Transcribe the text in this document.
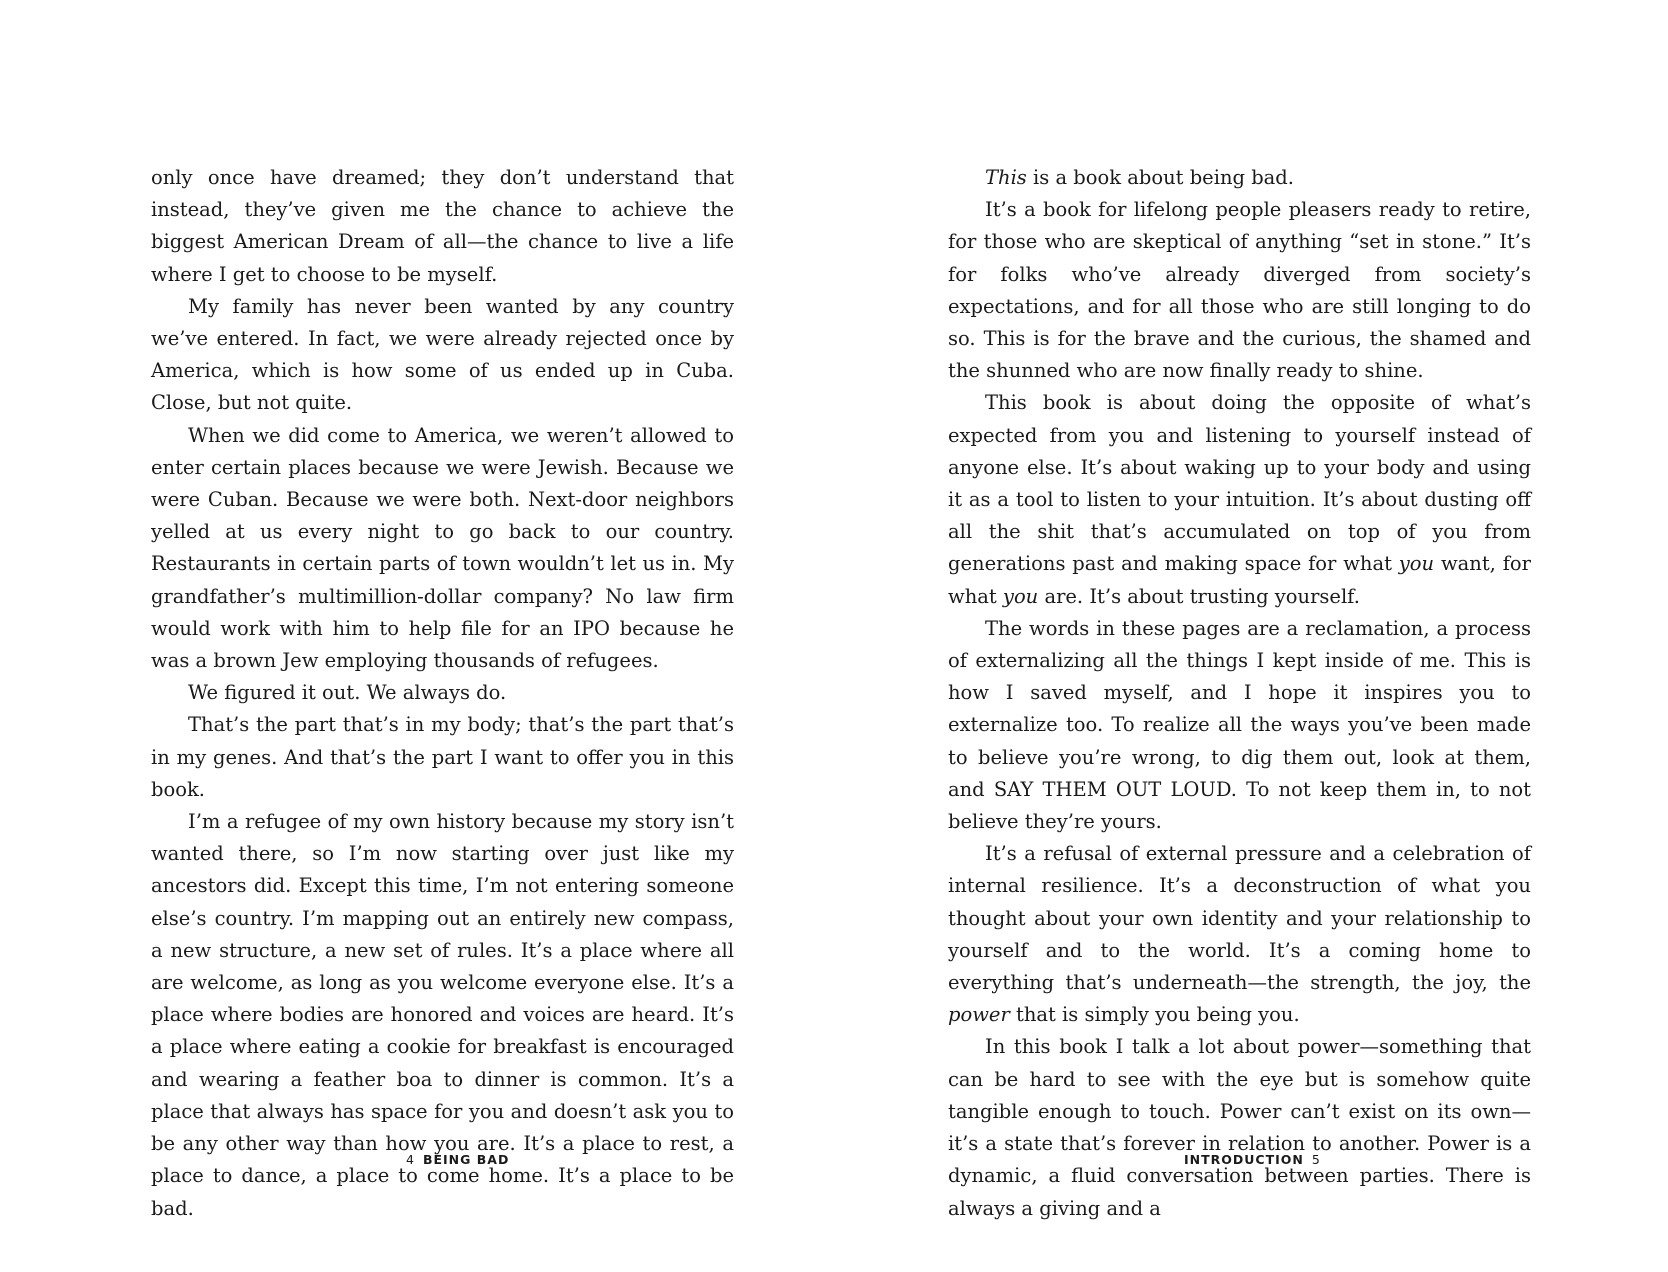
only once have dreamed; they don’t understand that instead, they’ve given me the chance to achieve the biggest American Dream of all—the chance to live a life where I get to choose to be myself.

My family has never been wanted by any country we’ve entered. In fact, we were already rejected once by America, which is how some of us ended up in Cuba. Close, but not quite.

When we did come to America, we weren’t allowed to enter certain places because we were Jewish. Because we were Cuban. Because we were both. Next-door neighbors yelled at us every night to go back to our country. Restaurants in certain parts of town wouldn’t let us in. My grandfather’s multimillion-dollar company? No law firm would work with him to help file for an IPO because he was a brown Jew employing thousands of refugees.

We figured it out. We always do.

That’s the part that’s in my body; that’s the part that’s in my genes. And that’s the part I want to offer you in this book.

I’m a refugee of my own history because my story isn’t wanted there, so I’m now starting over just like my ancestors did. Except this time, I’m not entering someone else’s country. I’m mapping out an entirely new compass, a new structure, a new set of rules. It’s a place where all are welcome, as long as you welcome everyone else. It’s a place where bodies are honored and voices are heard. It’s a place where eating a cookie for breakfast is encouraged and wearing a feather boa to dinner is common. It’s a place that always has space for you and doesn’t ask you to be any other way than how you are. It’s a place to rest, a place to dance, a place to come home. It’s a place to be bad.

4 BEING BAD

This is a book about being bad.

It’s a book for lifelong people pleasers ready to retire, for those who are skeptical of anything “set in stone.” It’s for folks who’ve already diverged from society’s expectations, and for all those who are still longing to do so. This is for the brave and the curious, the shamed and the shunned who are now finally ready to shine.

This book is about doing the opposite of what’s expected from you and listening to yourself instead of anyone else. It’s about waking up to your body and using it as a tool to listen to your intuition. It’s about dusting off all the shit that’s accumulated on top of you from generations past and making space for what you want, for what you are. It’s about trusting yourself.

The words in these pages are a reclamation, a process of externalizing all the things I kept inside of me. This is how I saved myself, and I hope it inspires you to externalize too. To realize all the ways you’ve been made to believe you’re wrong, to dig them out, look at them, and SAY THEM OUT LOUD. To not keep them in, to not believe they’re yours.

It’s a refusal of external pressure and a celebration of internal resilience. It’s a deconstruction of what you thought about your own identity and your relationship to yourself and to the world. It’s a coming home to everything that’s underneath—the strength, the joy, the power that is simply you being you.

In this book I talk a lot about power—something that can be hard to see with the eye but is somehow quite tangible enough to touch. Power can’t exist on its own—it’s a state that’s forever in relation to another. Power is a dynamic, a fluid conversation between parties. There is always a giving and a

INTRODUCTION 5
